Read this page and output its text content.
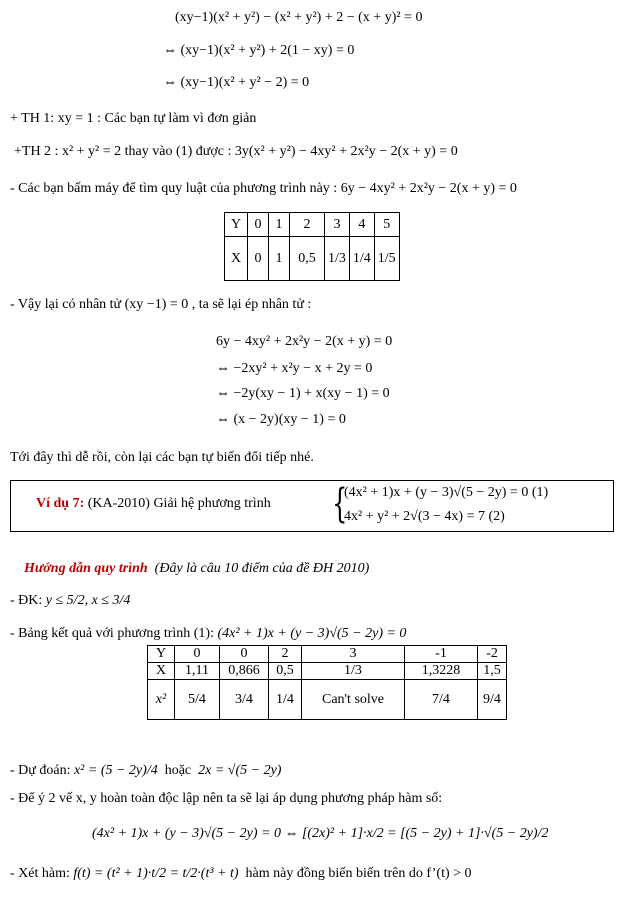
(xy−1)(x² + y²) − (x² + y²) + 2 − (x + y)² = 0
⇔ (xy−1)(x² + y²) + 2(1 − xy) = 0
⇔ (xy−1)(x² + y² − 2) = 0
+ TH 1: xy = 1 : Các bạn tự làm vì đơn giản
+TH 2 : x² + y² = 2 thay vào (1) được : 3y(x² + y²) − 4xy² + 2x²y − 2(x + y) = 0
- Các bạn bấm máy để tìm quy luật của phương trình này : 6y − 4xy² + 2x²y − 2(x + y) = 0
Y	0	1	2	3	4	5
X	0	1	0,5	1/3	1/4	1/5
- Vậy lại có nhân tử (xy −1) = 0 , ta sẽ lại ép nhân tử :
6y − 4xy² + 2x²y − 2(x + y) = 0
⇔ −2xy² + x²y − x + 2y = 0
⇔ −2y(xy − 1) + x(xy − 1) = 0
⇔ (x − 2y)(xy − 1) = 0
Tới đây thì dễ rồi, còn lại các bạn tự biến đổi tiếp nhé.
Ví dụ 7: (KA-2010) Giải hệ phương trình {
(4x² + 1)x + (y − 3)√(5 − 2y) = 0 (1)
4x² + y² + 2√(3 − 4x) = 7 (2)
Hướng dẫn quy trình (Đây là câu 10 điểm của đề ĐH 2010)
- ĐK: y ≤ 5/2, x ≤ 3/4
- Bảng kết quả với phương trình (1): (4x² + 1)x + (y − 3)√(5 − 2y) = 0
Y	0	0	2	3	-1	-2
X	1,11	0,866	0,5	1/3	1,3228	1,5
x²	5/4	3/4	1/4	Can't solve	7/4	9/4
- Dự đoán: x² = (5 − 2y)/4 hoặc 2x = √(5 − 2y)
- Để ý 2 vế x, y hoàn toàn độc lập nên ta sẽ lại áp dụng phương pháp hàm số:
(4x² + 1)x + (y − 3)√(5 − 2y) = 0 ⇔ [(2x)² + 1]·x/2 = [(5 − 2y) + 1]·√(5 − 2y)/2
- Xét hàm: f(t) = (t² + 1)·t/2 = t/2·(t³ + t) hàm này đồng biến biến trên do f’(t) > 0
